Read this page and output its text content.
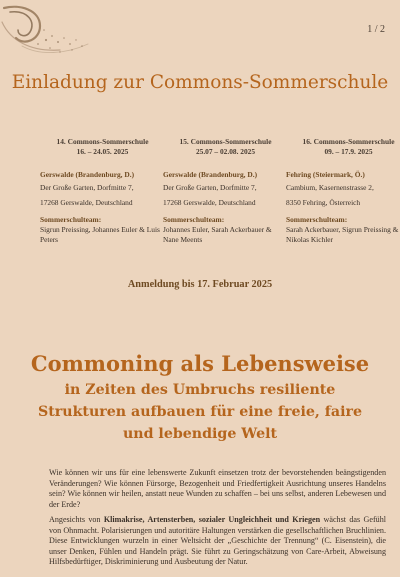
1 / 2
Einladung zur Commons-Sommerschule
14. Commons-Sommerschule
16. – 24.05. 2025
Gerswalde (Brandenburg, D.)
Der Große Garten, Dorfmitte 7,
17268 Gerswalde, Deutschland
Sommerschulteam:
Sigrun Preissing, Johannes Euler & Luis Peters
15. Commons-Sommerschule
25.07 – 02.08. 2025
Gerswalde (Brandenburg, D.)
Der Große Garten, Dorfmitte 7,
17268 Gerswalde, Deutschland
Sommerschulteam:
Johannes Euler, Sarah Ackerbauer & Nane Meents
16. Commons-Sommerschule
09. – 17.9. 2025
Fehring (Steiermark, Ö.)
Cambium, Kasernenstrasse 2,
8350 Fehring, Österreich
Sommerschulteam:
Sarah Ackerbauer, Sigrun Preissing & Nikolas Kichler
Anmeldung bis 17. Februar 2025
Commoning als Lebensweise
in Zeiten des Umbruchs resiliente
Strukturen aufbauen für eine freie, faire
und lebendige Welt

Wie können wir uns für eine lebenswerte Zukunft einsetzen trotz der bevorstehenden beängstigenden Veränderungen? Wie können Fürsorge, Bezogenheit und Friedfertigkeit Ausrichtung unseres Handelns sein? Wie können wir heilen, anstatt neue Wunden zu schaffen – bei uns selbst, anderen Lebewesen und der Erde?

Angesichts von Klimakrise, Artensterben, sozialer Ungleichheit und Kriegen wächst das Gefühl von Ohnmacht. Polarisierungen und autoritäre Haltungen verstärken die gesellschaftlichen Bruchlinien. Diese Entwicklungen wurzeln in einer Weltsicht der „Geschichte der Trennung“ (C. Eisenstein), die unser Denken, Fühlen und Handeln prägt. Sie führt zu Geringschätzung von Care-Arbeit, Abweisung Hilfsbedürftiger, Diskriminierung und Ausbeutung der Natur.
